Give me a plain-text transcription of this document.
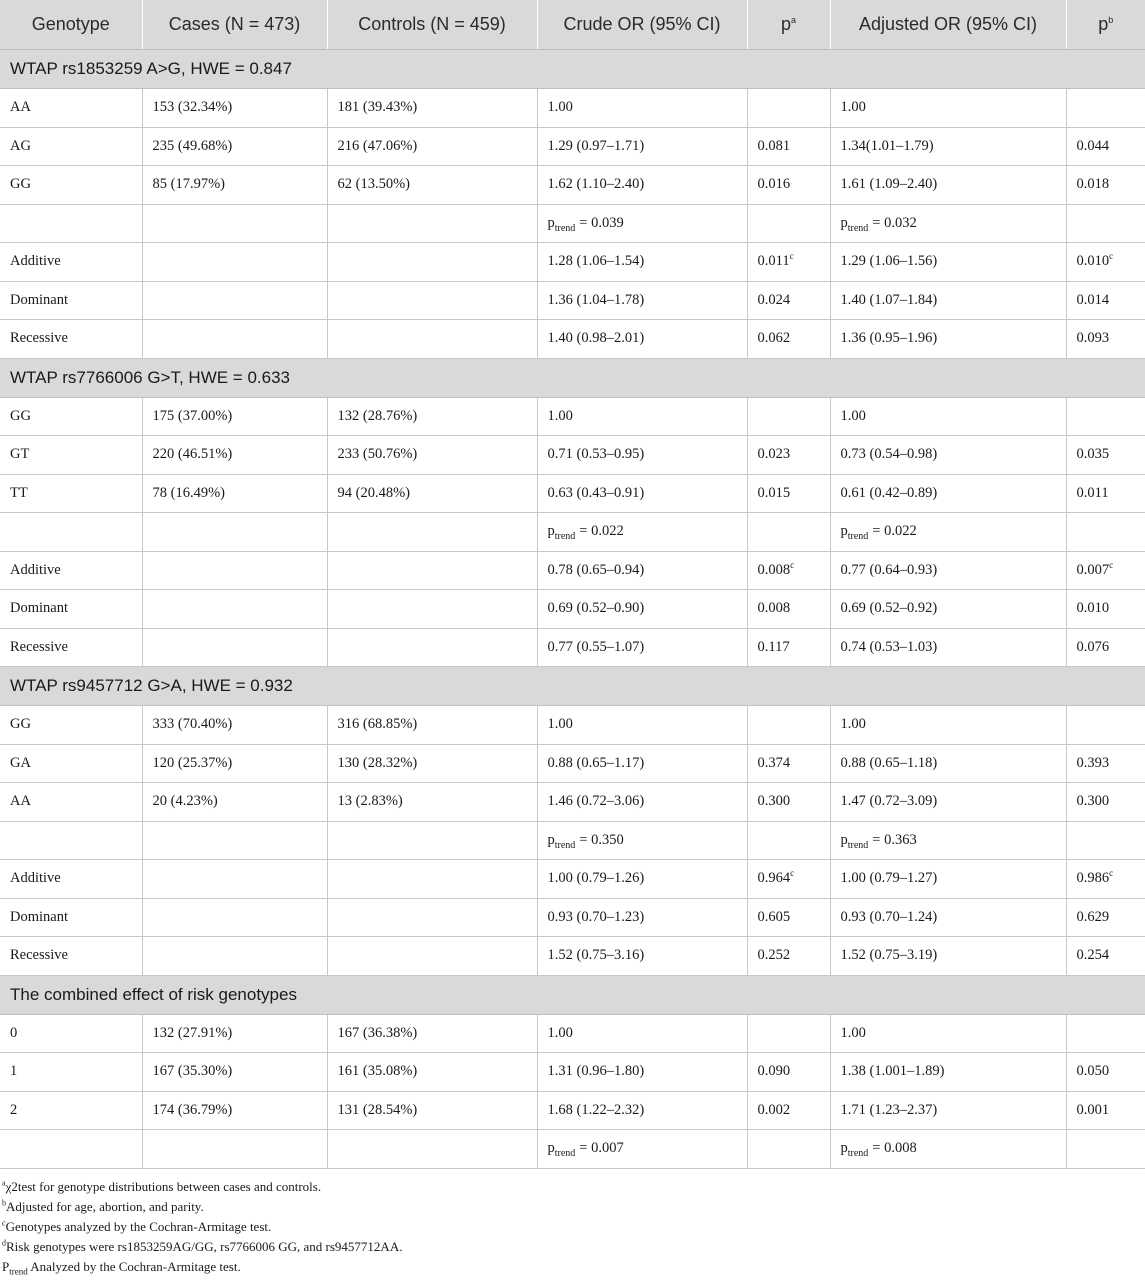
Genotype	Cases (N = 473)	Controls (N = 459)	Crude OR (95% CI)	$p^a$	Adjusted OR (95% CI)	$p^b$
WTAP rs1853259 A>G, HWE = 0.847						
AA	153 (32.34%)	181 (39.43%)	1.00		1.00	
AG	235 (49.68%)	216 (47.06%)	1.29 (0.97–1.71)	0.081	1.34(1.01–1.79)	0.044
GG	85 (17.97%)	62 (13.50%)	1.62 (1.10–2.40)	0.016	1.61 (1.09–2.40)	0.018
			$p_{trend} = 0.039$		$p_{trend} = 0.032$	
Additive			1.28 (1.06–1.54)	0.011$^c$	1.29 (1.06–1.56)	0.010$^c$
Dominant			1.36 (1.04–1.78)	0.024	1.40 (1.07–1.84)	0.014
Recessive			1.40 (0.98–2.01)	0.062	1.36 (0.95–1.96)	0.093
WTAP rs7766006 G>T, HWE = 0.633						
GG	175 (37.00%)	132 (28.76%)	1.00		1.00	
GT	220 (46.51%)	233 (50.76%)	0.71 (0.53–0.95)	0.023	0.73 (0.54–0.98)	0.035
TT	78 (16.49%)	94 (20.48%)	0.63 (0.43–0.91)	0.015	0.61 (0.42–0.89)	0.011
			$p_{trend} = 0.022$		$p_{trend} = 0.022$	
Additive			0.78 (0.65–0.94)	0.008$^c$	0.77 (0.64–0.93)	0.007$^c$
Dominant			0.69 (0.52–0.90)	0.008	0.69 (0.52–0.92)	0.010
Recessive			0.77 (0.55–1.07)	0.117	0.74 (0.53–1.03)	0.076
WTAP rs9457712 G>A, HWE = 0.932						
GG	333 (70.40%)	316 (68.85%)	1.00		1.00	
GA	120 (25.37%)	130 (28.32%)	0.88 (0.65–1.17)	0.374	0.88 (0.65–1.18)	0.393
AA	20 (4.23%)	13 (2.83%)	1.46 (0.72–3.06)	0.300	1.47 (0.72–3.09)	0.300
			$p_{trend} = 0.350$		$p_{trend} = 0.363$	
Additive			1.00 (0.79–1.26)	0.964$^c$	1.00 (0.79–1.27)	0.986$^c$
Dominant			0.93 (0.70–1.23)	0.605	0.93 (0.70–1.24)	0.629
Recessive			1.52 (0.75–3.16)	0.252	1.52 (0.75–3.19)	0.254
The combined effect of risk genotypes						
0	132 (27.91%)	167 (36.38%)	1.00		1.00	
1	167 (35.30%)	161 (35.08%)	1.31 (0.96–1.80)	0.090	1.38 (1.001–1.89)	0.050
2	174 (36.79%)	131 (28.54%)	1.68 (1.22–2.32)	0.002	1.71 (1.23–2.37)	0.001
			$p_{trend} = 0.007$		$p_{trend} = 0.008$	
$^a$χ2test for genotype distributions between cases and controls.
$^b$Adjusted for age, abortion, and parity.
$^c$Genotypes analyzed by the Cochran-Armitage test.
$^d$Risk genotypes were rs1853259AG/GG, rs7766006 GG, and rs9457712AA.
$P_{trend}$ Analyzed by the Cochran-Armitage test.
